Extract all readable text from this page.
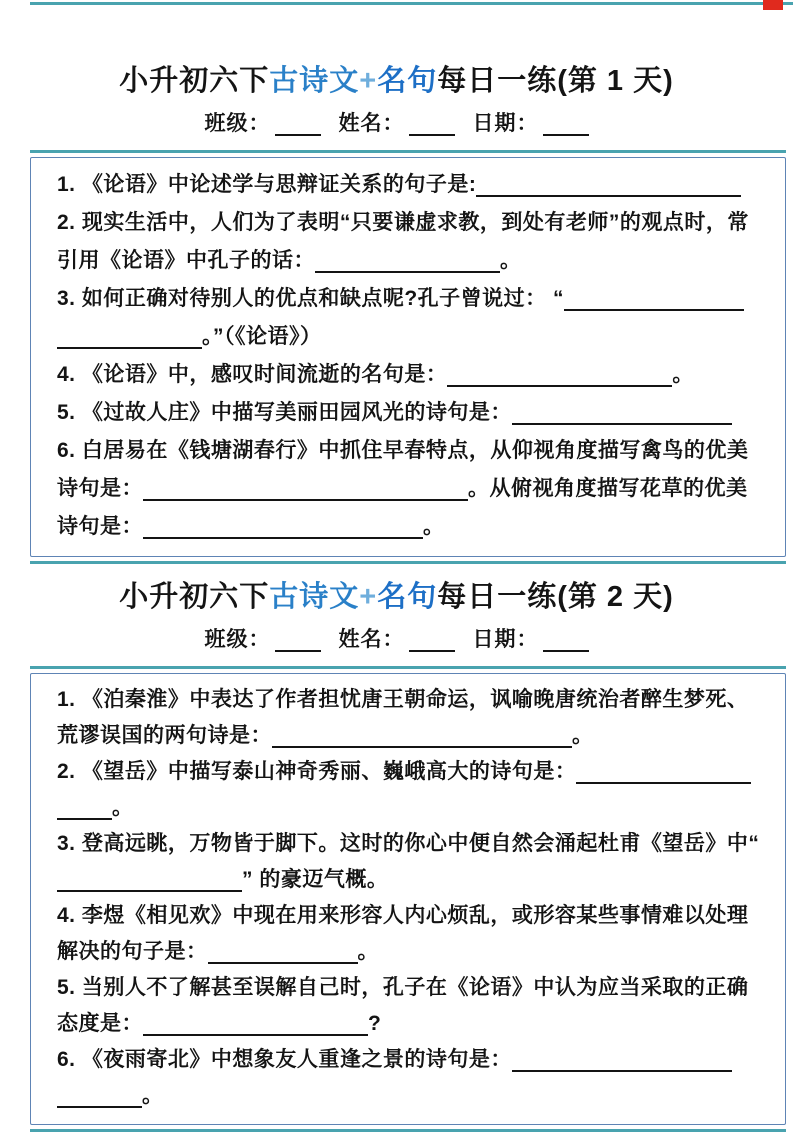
小升初六下古诗文+名句每日一练(第 1 天)
班级：	姓名：	日期：

1. 《论语》中论述学与思辩证关系的句子是:

2. 现实生活中，人们为了表明“只要谦虚求教，到处有老师”的观点时，常引用《论语》中孔子的话：	。

3. 如何正确对待别人的优点和缺点呢?孔子曾说过： “。”（《论语》）

4. 《论语》中，感叹时间流逝的名句是：	。

5. 《过故人庄》中描写美丽田园风光的诗句是：

6. 白居易在《钱塘湖春行》中抓住早春特点，从仰视角度描写禽鸟的优美诗句是：	。从俯视角度描写花草的优美诗句是：	。

小升初六下古诗文+名句每日一练(第 2 天)
班级：	姓名：	日期：

1. 《泊秦淮》中表达了作者担忧唐王朝命运，讽喻晚唐统治者醉生梦死、荒谬误国的两句诗是：	。

2. 《望岳》中描写泰山神奇秀丽、巍峨高大的诗句是：。

3. 登高远眺，万物皆于脚下。这时的你心中便自然会涌起杜甫《望岳》中“” 的豪迈气概。

4. 李煜《相见欢》中现在用来形容人内心烦乱，或形容某些事情难以处理解决的句子是：	。

5. 当别人不了解甚至误解自己时，孔子在《论语》中认为应当采取的正确态度是：	?

6. 《夜雨寄北》中想象友人重逢之景的诗句是：。
